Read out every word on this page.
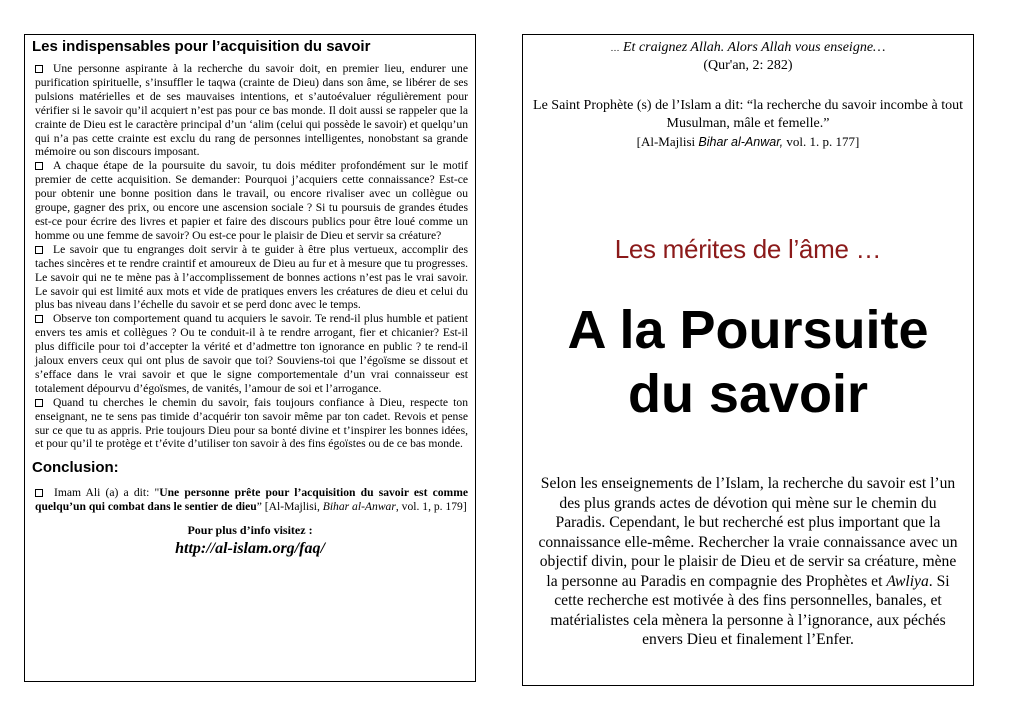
Les indispensables pour l’acquisition du savoir
Une personne aspirante à la recherche du savoir doit, en premier lieu, endurer une purification spirituelle, s’insuffler le taqwa (crainte de Dieu) dans son âme, se libérer de ses pulsions matérielles et de ses mauvaises intentions, et s’autoévaluer régulièrement pour vérifier si le savoir qu’il acquiert n’est pas pour ce bas monde. Il doit aussi se rappeler que la crainte de Dieu est le caractère principal d’un ‘alim (celui qui possède le savoir) et quelqu’un qui n’a pas cette crainte est exclu du rang de personnes intelligentes, nonobstant sa grande mémoire ou son discours imposant.
A chaque étape de la poursuite du savoir, tu dois méditer profondément sur le motif premier de cette acquisition. Se demander: Pourquoi j’acquiers cette connaissance? Est-ce pour obtenir une bonne position dans le travail, ou encore rivaliser avec un collègue ou groupe, gagner des prix, ou encore une ascension sociale ? Si tu poursuis de grandes études est-ce pour écrire des livres et papier et faire des discours publics pour être loué comme un homme ou une femme de savoir? Ou est-ce pour le plaisir de Dieu et servir sa créature?
Le savoir que tu engranges doit servir à te guider à être plus vertueux, accomplir des taches sincères et te rendre craintif et amoureux de Dieu au fur et à mesure que tu progresses. Le savoir qui ne te mène pas à l’accomplissement de bonnes actions n’est pas le vrai savoir. Le savoir qui est limité aux mots et vide de pratiques envers les créatures de dieu et celui du plus bas niveau dans l’échelle du savoir et se perd donc avec le temps.
Observe ton comportement quand tu acquiers le savoir. Te rend-il plus humble et patient envers tes amis et collègues ? Ou te conduit-il à te rendre arrogant, fier et chicanier? Est-il plus difficile pour toi d’accepter la vérité et d’admettre ton ignorance en public ? te rend-il jaloux envers ceux qui ont plus de savoir que toi? Souviens-toi que l’égoïsme se dissout et s’efface dans le vrai savoir et que le signe comportementale d’un vrai connaisseur est totalement dépourvu d’égoïsmes, de vanités, l’amour de soi et l’arrogance.
Quand tu cherches le chemin du savoir, fais toujours confiance à Dieu, respecte ton enseignant, ne te sens pas timide d’acquérir ton savoir même par ton cadet. Revois et pense sur ce que tu as appris. Prie toujours Dieu pour sa bonté divine et t’inspirer les bonnes idées, et pour qu’il te protège et t’évite d’utiliser ton savoir à des fins égoïstes ou de ce bas monde.
Conclusion:
Imam Ali (a) a dit: "Une personne prête pour l’acquisition du savoir est comme quelqu’un qui combat dans le sentier de dieu” [Al-Majlisi, Bihar al-Anwar, vol. 1, p. 179]
Pour plus d’info visitez :
http://al-islam.org/faq/
… Et craignez Allah. Alors Allah vous enseigne…
(Qur'an, 2: 282)
Le Saint Prophète (s) de l’Islam a dit: “la recherche du savoir incombe à tout Musulman, mâle et femelle.”
[Al-Majlisi Bihar al-Anwar, vol. 1. p. 177]
Les mérites de l’âme …
A la Poursuite
du savoir
Selon les enseignements de l’Islam, la recherche du savoir est l’un des plus grands actes de dévotion qui mène sur le chemin du Paradis. Cependant, le but recherché est plus important que la connaissance elle-même. Rechercher la vraie connaissance avec un objectif divin, pour le plaisir de Dieu et de servir sa créature, mène la personne au Paradis en compagnie des Prophètes et Awliya. Si cette recherche est motivée à des fins personnelles, banales, et matérialistes cela mènera la personne à l’ignorance, aux péchés envers Dieu et finalement l’Enfer.
